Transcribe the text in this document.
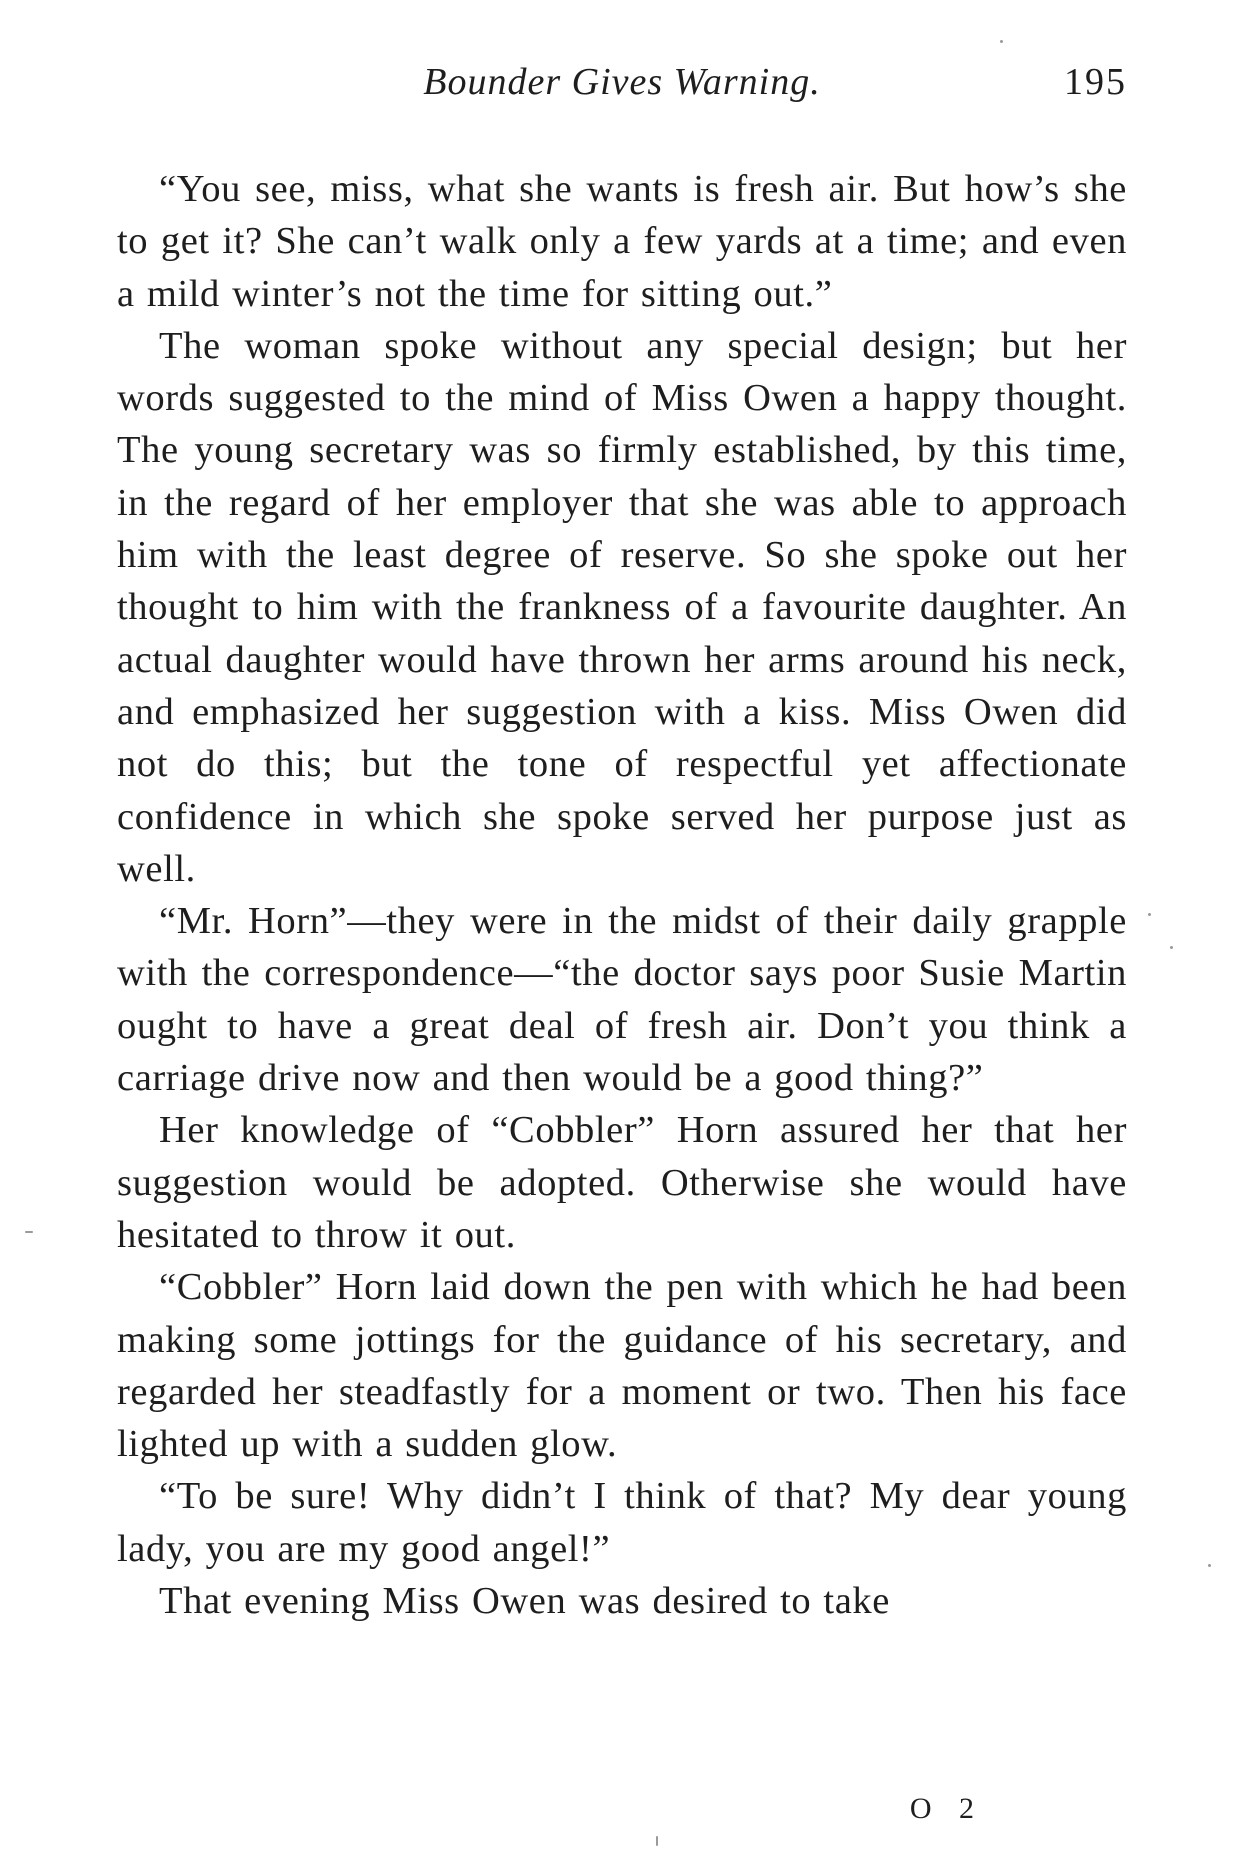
Bounder Gives Warning.	195

“You see, miss, what she wants is fresh air. But how’s she to get it? She can’t walk only a few yards at a time; and even a mild winter’s not the time for sitting out.”

The woman spoke without any special design; but her words suggested to the mind of Miss Owen a happy thought. The young secretary was so firmly established, by this time, in the regard of her employer that she was able to approach him with the least degree of reserve. So she spoke out her thought to him with the frankness of a favourite daughter. An actual daughter would have thrown her arms around his neck, and emphasized her suggestion with a kiss. Miss Owen did not do this; but the tone of respectful yet affectionate confidence in which she spoke served her purpose just as well.

“Mr. Horn”—they were in the midst of their daily grapple with the correspondence—“the doctor says poor Susie Martin ought to have a great deal of fresh air. Don’t you think a carriage drive now and then would be a good thing?”

Her knowledge of “Cobbler” Horn assured her that her suggestion would be adopted. Otherwise she would have hesitated to throw it out.

“Cobbler” Horn laid down the pen with which he had been making some jottings for the guidance of his secretary, and regarded her steadfastly for a moment or two. Then his face lighted up with a sudden glow.

“To be sure! Why didn’t I think of that? My dear young lady, you are my good angel!”

That evening Miss Owen was desired to take

O 2
